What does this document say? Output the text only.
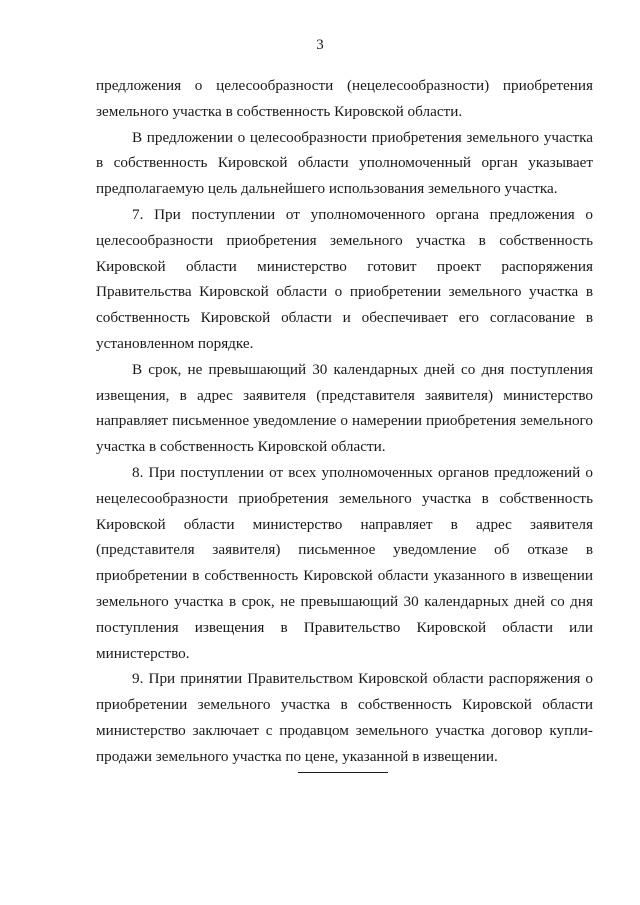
3

предложения о целесообразности (нецелесообразности) приобретения земельного участка в собственность Кировской области.

В предложении о целесообразности приобретения земельного участка в собственность Кировской области уполномоченный орган указывает предполагаемую цель дальнейшего использования земельного участка.

7. При поступлении от уполномоченного органа предложения о целесообразности приобретения земельного участка в собственность Кировской области министерство готовит проект распоряжения Правительства Кировской области о приобретении земельного участка в собственность Кировской области и обеспечивает его согласование в установленном порядке.

В срок, не превышающий 30 календарных дней со дня поступления извещения, в адрес заявителя (представителя заявителя) министерство направляет письменное уведомление о намерении приобретения земельного участка в собственность Кировской области.

8. При поступлении от всех уполномоченных органов предложений о нецелесообразности приобретения земельного участка в собственность Кировской области министерство направляет в адрес заявителя (представителя заявителя) письменное уведомление об отказе в приобретении в собственность Кировской области указанного в извещении земельного участка в срок, не превышающий 30 календарных дней со дня поступления извещения в Правительство Кировской области или министерство.

9. При принятии Правительством Кировской области распоряжения о приобретении земельного участка в собственность Кировской области министерство заключает с продавцом земельного участка договор купли-продажи земельного участка по цене, указанной в извещении.
